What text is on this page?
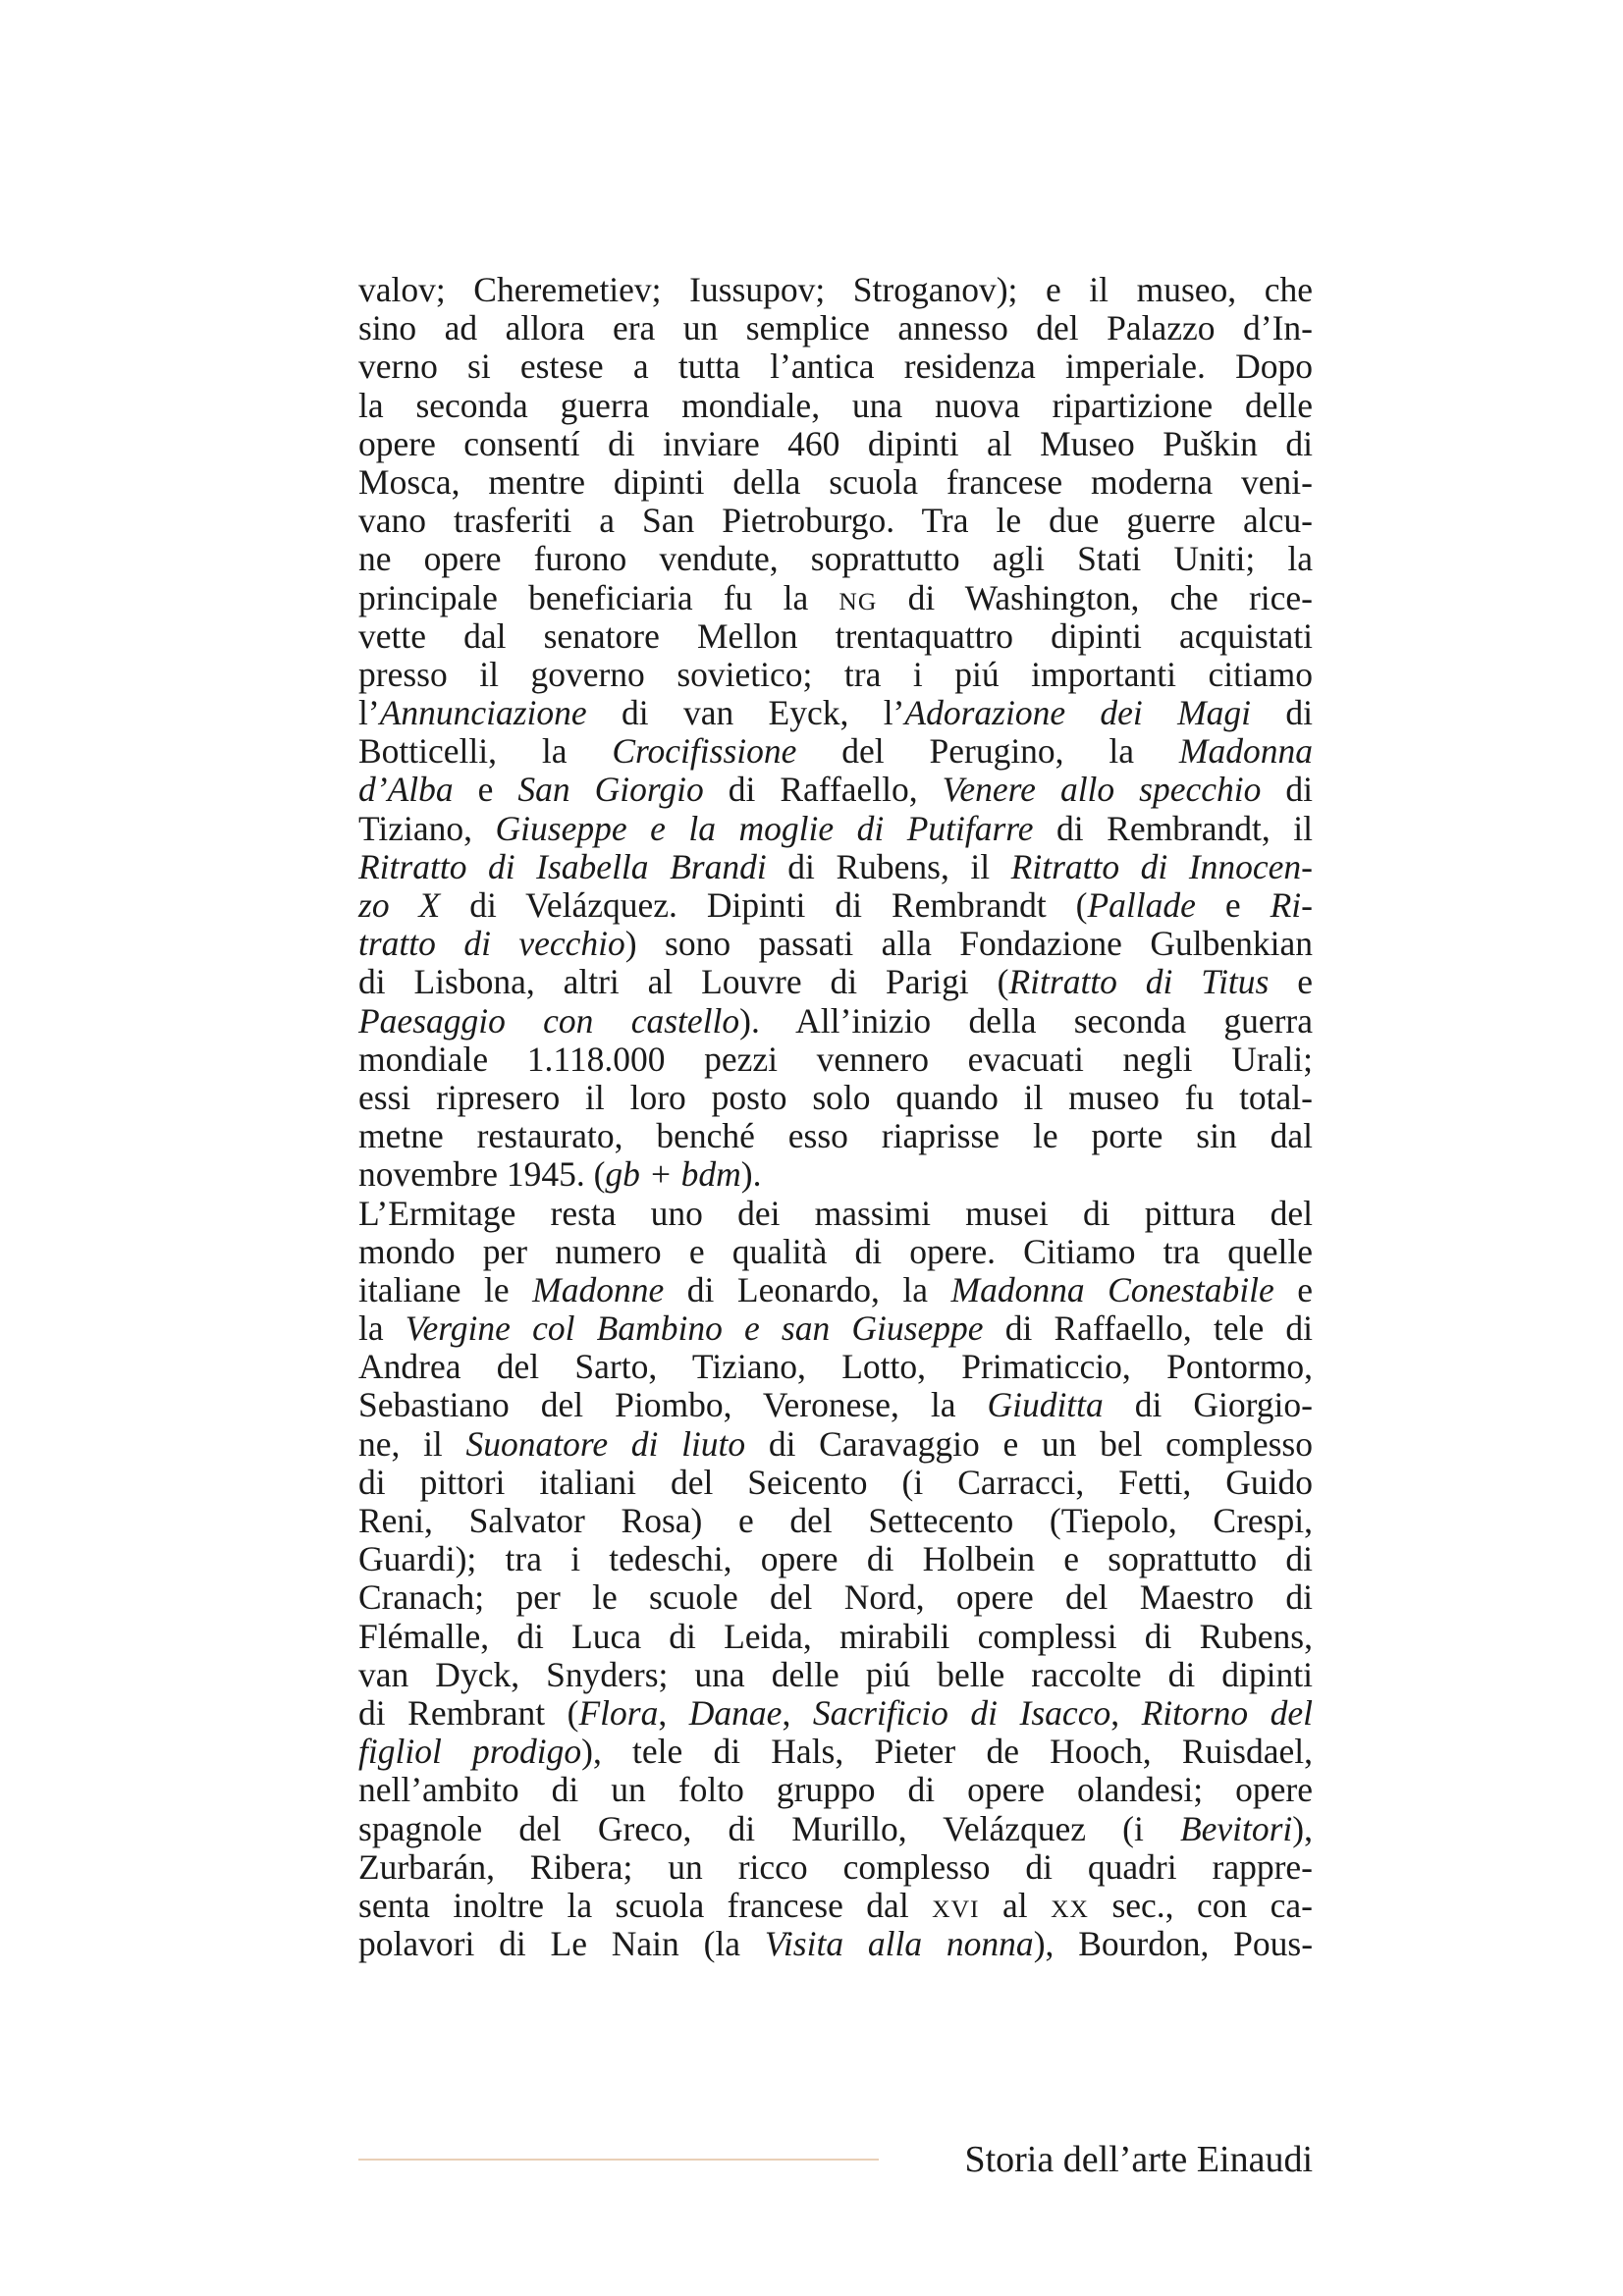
valov; Cheremetiev; Iussupov; Stroganov); e il museo, che
sino ad allora era un semplice annesso del Palazzo d’In-
verno si estese a tutta l’antica residenza imperiale. Dopo
la seconda guerra mondiale, una nuova ripartizione delle
opere consentí di inviare 460 dipinti al Museo Puškin di
Mosca, mentre dipinti della scuola francese moderna veni-
vano trasferiti a San Pietroburgo. Tra le due guerre alcu-
ne opere furono vendute, soprattutto agli Stati Uniti; la
principale beneficiaria fu la NG di Washington, che rice-
vette dal senatore Mellon trentaquattro dipinti acquistati
presso il governo sovietico; tra i piú importanti citiamo
l’Annunciazione di van Eyck, l’Adorazione dei Magi di
Botticelli, la Crocifissione del Perugino, la Madonna
d’Alba e San Giorgio di Raffaello, Venere allo specchio di
Tiziano, Giuseppe e la moglie di Putifarre di Rembrandt, il
Ritratto di Isabella Brandi di Rubens, il Ritratto di Innocen-
zo X di Velázquez. Dipinti di Rembrandt (Pallade e Ri-
tratto di vecchio) sono passati alla Fondazione Gulbenkian
di Lisbona, altri al Louvre di Parigi (Ritratto di Titus e
Paesaggio con castello). All’inizio della seconda guerra
mondiale 1.118.000 pezzi vennero evacuati negli Urali;
essi ripresero il loro posto solo quando il museo fu total-
metne restaurato, benché esso riaprisse le porte sin dal
novembre 1945. (gb + bdm).
L’Ermitage resta uno dei massimi musei di pittura del
mondo per numero e qualità di opere. Citiamo tra quelle
italiane le Madonne di Leonardo, la Madonna Conestabile e
la Vergine col Bambino e san Giuseppe di Raffaello, tele di
Andrea del Sarto, Tiziano, Lotto, Primaticcio, Pontormo,
Sebastiano del Piombo, Veronese, la Giuditta di Giorgio-
ne, il Suonatore di liuto di Caravaggio e un bel complesso
di pittori italiani del Seicento (i Carracci, Fetti, Guido
Reni, Salvator Rosa) e del Settecento (Tiepolo, Crespi,
Guardi); tra i tedeschi, opere di Holbein e soprattutto di
Cranach; per le scuole del Nord, opere del Maestro di
Flémalle, di Luca di Leida, mirabili complessi di Rubens,
van Dyck, Snyders; una delle piú belle raccolte di dipinti
di Rembrant (Flora, Danae, Sacrificio di Isacco, Ritorno del
figliol prodigo), tele di Hals, Pieter de Hooch, Ruisdael,
nell’ambito di un folto gruppo di opere olandesi; opere
spagnole del Greco, di Murillo, Velázquez (i Bevitori),
Zurbarán, Ribera; un ricco complesso di quadri rappre-
senta inoltre la scuola francese dal XVI al XX sec., con ca-
polavori di Le Nain (la Visita alla nonna), Bourdon, Pous-
Storia dell’arte Einaudi
